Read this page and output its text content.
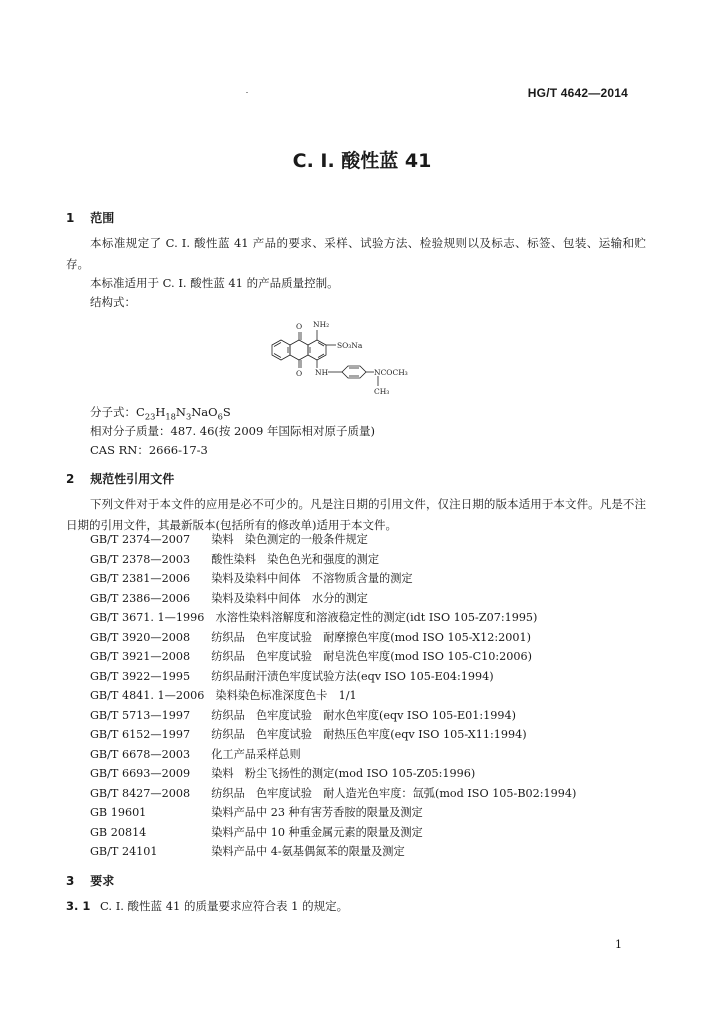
HG/T 4642—2014
C. I. 酸性蓝 41
1 范围
本标准规定了 C. I. 酸性蓝 41 产品的要求、采样、试验方法、检验规则以及标志、标签、包装、运输和贮存。
本标准适用于 C. I. 酸性蓝 41 的产品质量控制。
结构式：
O NH₂
SO₃Na
O NH	NCOCH₃
CH₃
分子式：$C_{23}H_{18}N_3NaO_6S$
相对分子质量：487. 46(按 2009 年国际相对原子质量)
CAS RN：2666-17-3
2 规范性引用文件
下列文件对于本文件的应用是必不可少的。凡是注日期的引用文件，仅注日期的版本适用于本文件。凡是不注日期的引用文件，其最新版本(包括所有的修改单)适用于本文件。
GB/T 2374—2007　 染料　染色测定的一般条件规定
GB/T 2378—2003　 酸性染料　染色色光和强度的测定
GB/T 2381—2006　 染料及染料中间体　不溶物质含量的测定
GB/T 2386—2006　 染料及染料中间体　水分的测定
GB/T 3671. 1—1996　 水溶性染料溶解度和溶液稳定性的测定(idt ISO 105-Z07:1995)
GB/T 3920—2008　 纺织品　色牢度试验　耐摩擦色牢度(mod ISO 105-X12:2001)
GB/T 3921—2008　 纺织品　色牢度试验　耐皂洗色牢度(mod ISO 105-C10:2006)
GB/T 3922—1995　 纺织品耐汗渍色牢度试验方法(eqv ISO 105-E04:1994)
GB/T 4841. 1—2006　 染料染色标准深度色卡　1/1
GB/T 5713—1997　 纺织品　色牢度试验　耐水色牢度(eqv ISO 105-E01:1994)
GB/T 6152—1997　 纺织品　色牢度试验　耐热压色牢度(eqv ISO 105-X11:1994)
GB/T 6678—2003　 化工产品采样总则
GB/T 6693—2009　 染料　粉尘飞扬性的测定(mod ISO 105-Z05:1996)
GB/T 8427—2008　 纺织品　色牢度试验　耐人造光色牢度：氙弧(mod ISO 105-B02:1994)
GB 19601　	染料产品中 23 种有害芳香胺的限量及测定
GB 20814　	染料产品中 10 种重金属元素的限量及测定
GB/T 24101　	染料产品中 4-氨基偶氮苯的限量及测定
3 要求
3. 1 C. I. 酸性蓝 41 的质量要求应符合表 1 的规定。
1
